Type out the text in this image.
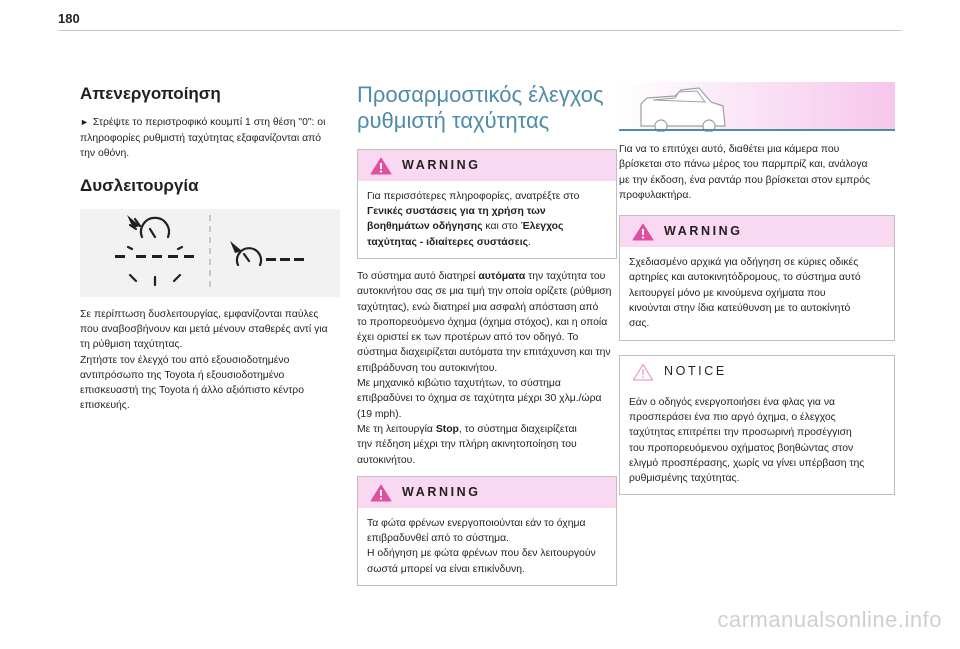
180
Απενεργοποίηση
► Στρέψτε το περιστροφικό κουμπί 1 στη θέση "0": οι
πληροφορίες ρυθμιστή ταχύτητας εξαφανίζονται από
την οθόνη.
Δυσλειτουργία

Σε περίπτωση δυσλειτουργίας, εμφανίζονται παύλες

που αναβοσβήνουν και μετά μένουν σταθερές αντί για

τη ρύθμιση ταχύτητας.

Ζητήστε τον έλεγχό του από εξουσιοδοτημένο

αντιπρόσωπο της Toyota ή εξουσιοδοτημένο

επισκευαστή της Toyota ή άλλο αξιόπιστο κέντρο

επισκευής.

Προσαρμοστικός έλεγχος
ρυθμιστή ταχύτητας
WARNING
Για περισσότερες πληροφορίες, ανατρέξτε στο
Γενικές συστάσεις για τη χρήση των
βοηθημάτων οδήγησης και στο Έλεγχος
ταχύτητας - ιδιαίτερες συστάσεις.

Το σύστημα αυτό διατηρεί αυτόματα την ταχύτητα του

αυτοκινήτου σας σε μια τιμή την οποία ορίζετε (ρύθμιση

ταχύτητας), ενώ διατηρεί μια ασφαλή απόσταση από

το προπορευόμενο όχημα (όχημα στόχος), και η οποία

έχει οριστεί εκ των προτέρων από τον οδηγό. Το

σύστημα διαχειρίζεται αυτόματα την επιτάχυνση και την

επιβράδυνση του αυτοκινήτου.

Με μηχανικό κιβώτιο ταχυτήτων, το σύστημα

επιβραδύνει το όχημα σε ταχύτητα μέχρι 30 χλμ./ώρα

(19 mph).

Με τη λειτουργία Stop, το σύστημα διαχειρίζεται

την πέδηση μέχρι την πλήρη ακινητοποίηση του

αυτοκινήτου.

WARNING
Τα φώτα φρένων ενεργοποιούνται εάν το όχημα
επιβραδυνθεί από το σύστημα.
Η οδήγηση με φώτα φρένων που δεν λειτουργούν
σωστά μπορεί να είναι επικίνδυνη.

Για να το επιτύχει αυτό, διαθέτει μια κάμερα που

βρίσκεται στο πάνω μέρος του παρμπρίζ και, ανάλογα

με την έκδοση, ένα ραντάρ που βρίσκεται στον εμπρός

προφυλακτήρα.

WARNING
Σχεδιασμένο αρχικά για οδήγηση σε κύριες οδικές
αρτηρίες και αυτοκινητόδρομους, το σύστημα αυτό
λειτουργεί μόνο με κινούμενα οχήματα που
κινούνται στην ίδια κατεύθυνση με το αυτοκίνητό
σας.
NOTICE
Εάν ο οδηγός ενεργοποιήσει ένα φλας για να
προσπεράσει ένα πιο αργό όχημα, ο έλεγχος
ταχύτητας επιτρέπει την προσωρινή προσέγγιση
του προπορευόμενου οχήματος βοηθώντας στον
ελιγμό προσπέρασης, χωρίς να γίνει υπέρβαση της
ρυθμισμένης ταχύτητας.
carmanualsonline.info
